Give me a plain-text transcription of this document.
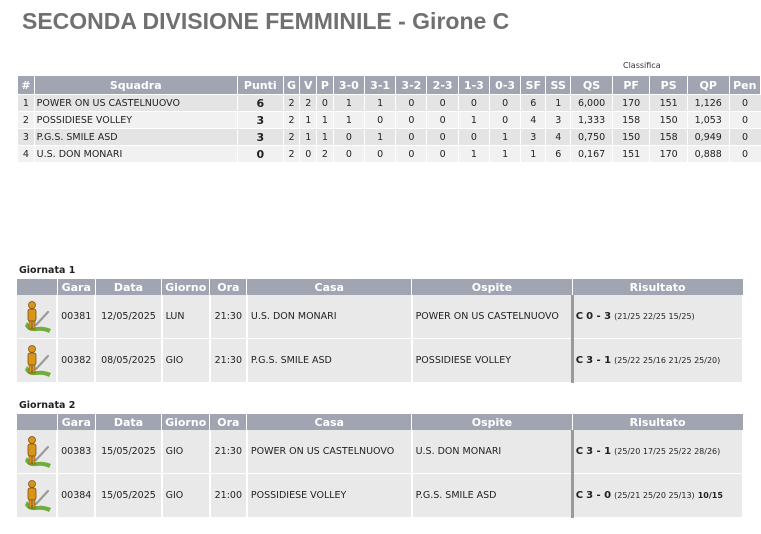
SECONDA DIVISIONE FEMMINILE - Girone C
Classifica
#	Squadra	Punti	G	V	P	3-0	3-1	3-2	2-3	1-3	0-3	SF	SS	QS	PF	PS	QP	Pen
1	POWER ON US CASTELNUOVO	6	2	2	0	1	1	0	0	0	0	6	1	6,000	170	151	1,126	0
2	POSSIDIESE VOLLEY	3	2	1	1	1	0	0	0	1	0	4	3	1,333	158	150	1,053	0
3	P.G.S. SMILE ASD	3	2	1	1	0	1	0	0	0	1	3	4	0,750	150	158	0,949	0
4	U.S. DON MONARI	0	2	0	2	0	0	0	0	1	1	1	6	0,167	151	170	0,888	0
Giornata 1
	Gara	Data	Giorno	Ora	Casa	Ospite	Risultato

	00381	12/05/2025	LUN	21:30	U.S. DON MONARI	POWER ON US CASTELNUOVO	C 0 - 3 (21/25 22/25 15/25)

	00382	08/05/2025	GIO	21:30	P.G.S. SMILE ASD	POSSIDIESE VOLLEY	C 3 - 1 (25/22 25/16 21/25 25/20)
Giornata 2
	Gara	Data	Giorno	Ora	Casa	Ospite	Risultato

	00383	15/05/2025	GIO	21:30	POWER ON US CASTELNUOVO	U.S. DON MONARI	C 3 - 1 (25/20 17/25 25/22 28/26)

	00384	15/05/2025	GIO	21:00	POSSIDIESE VOLLEY	P.G.S. SMILE ASD	C 3 - 0 (25/21 25/20 25/13) 10/15
